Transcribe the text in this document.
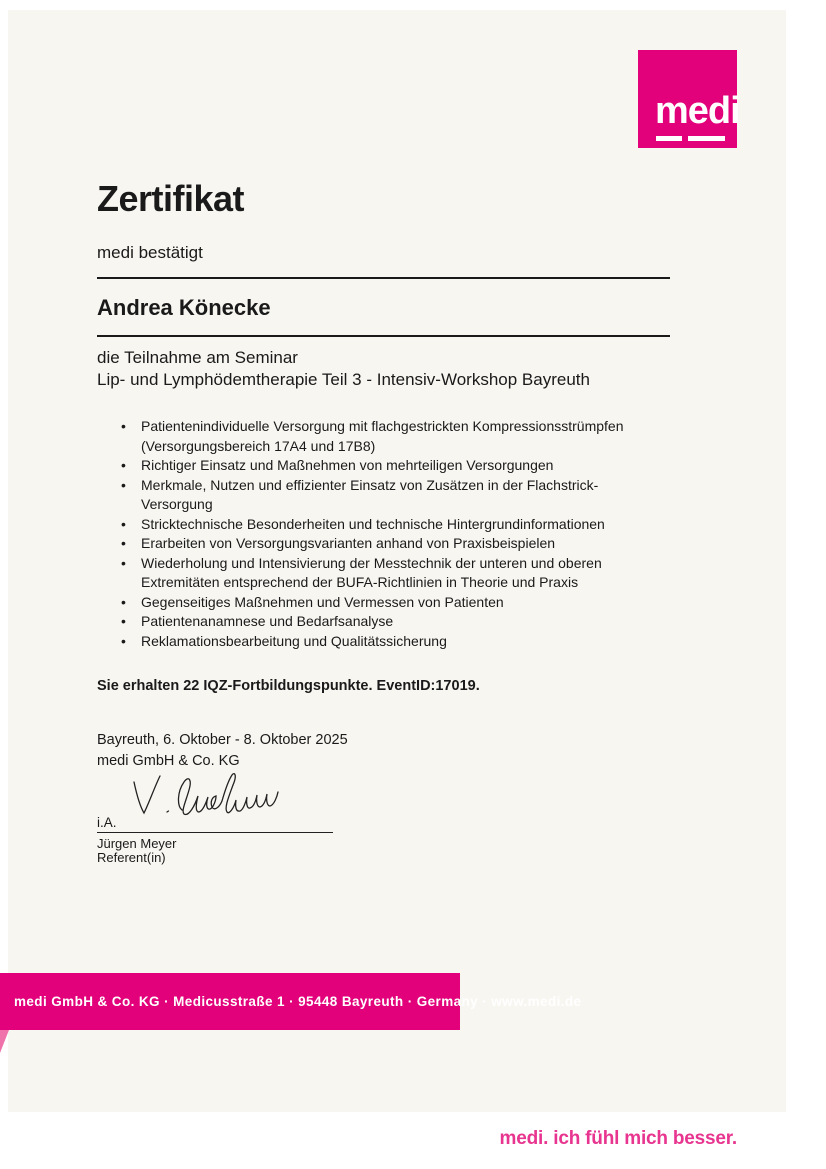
medi
Zertifikat
medi bestätigt
Andrea Könecke
die Teilnahme am Seminar
Lip- und Lymphödemtherapie Teil 3 - Intensiv-Workshop Bayreuth
• Patientenindividuelle Versorgung mit flachgestrickten Kompressionsstrümpfen (Versorgungsbereich 17A4 und 17B8)
• Richtiger Einsatz und Maßnehmen von mehrteiligen Versorgungen
• Merkmale, Nutzen und effizienter Einsatz von Zusätzen in der Flachstrick-Versorgung
• Stricktechnische Besonderheiten und technische Hintergrundinformationen
• Erarbeiten von Versorgungsvarianten anhand von Praxisbeispielen
• Wiederholung und Intensivierung der Messtechnik der unteren und oberen Extremitäten entsprechend der BUFA-Richtlinien in Theorie und Praxis
• Gegenseitiges Maßnehmen und Vermessen von Patienten
• Patientenanamnese und Bedarfsanalyse
• Reklamationsbearbeitung und Qualitätssicherung
Sie erhalten 22 IQZ-Fortbildungspunkte. EventID:17019.
Bayreuth, 6. Oktober - 8. Oktober 2025
medi GmbH & Co. KG
i.A.
Jürgen Meyer
Referent(in)
medi GmbH & Co. KG · Medicusstraße 1 · 95448 Bayreuth · Germany · www.medi.de
medi. ich fühl mich besser.
